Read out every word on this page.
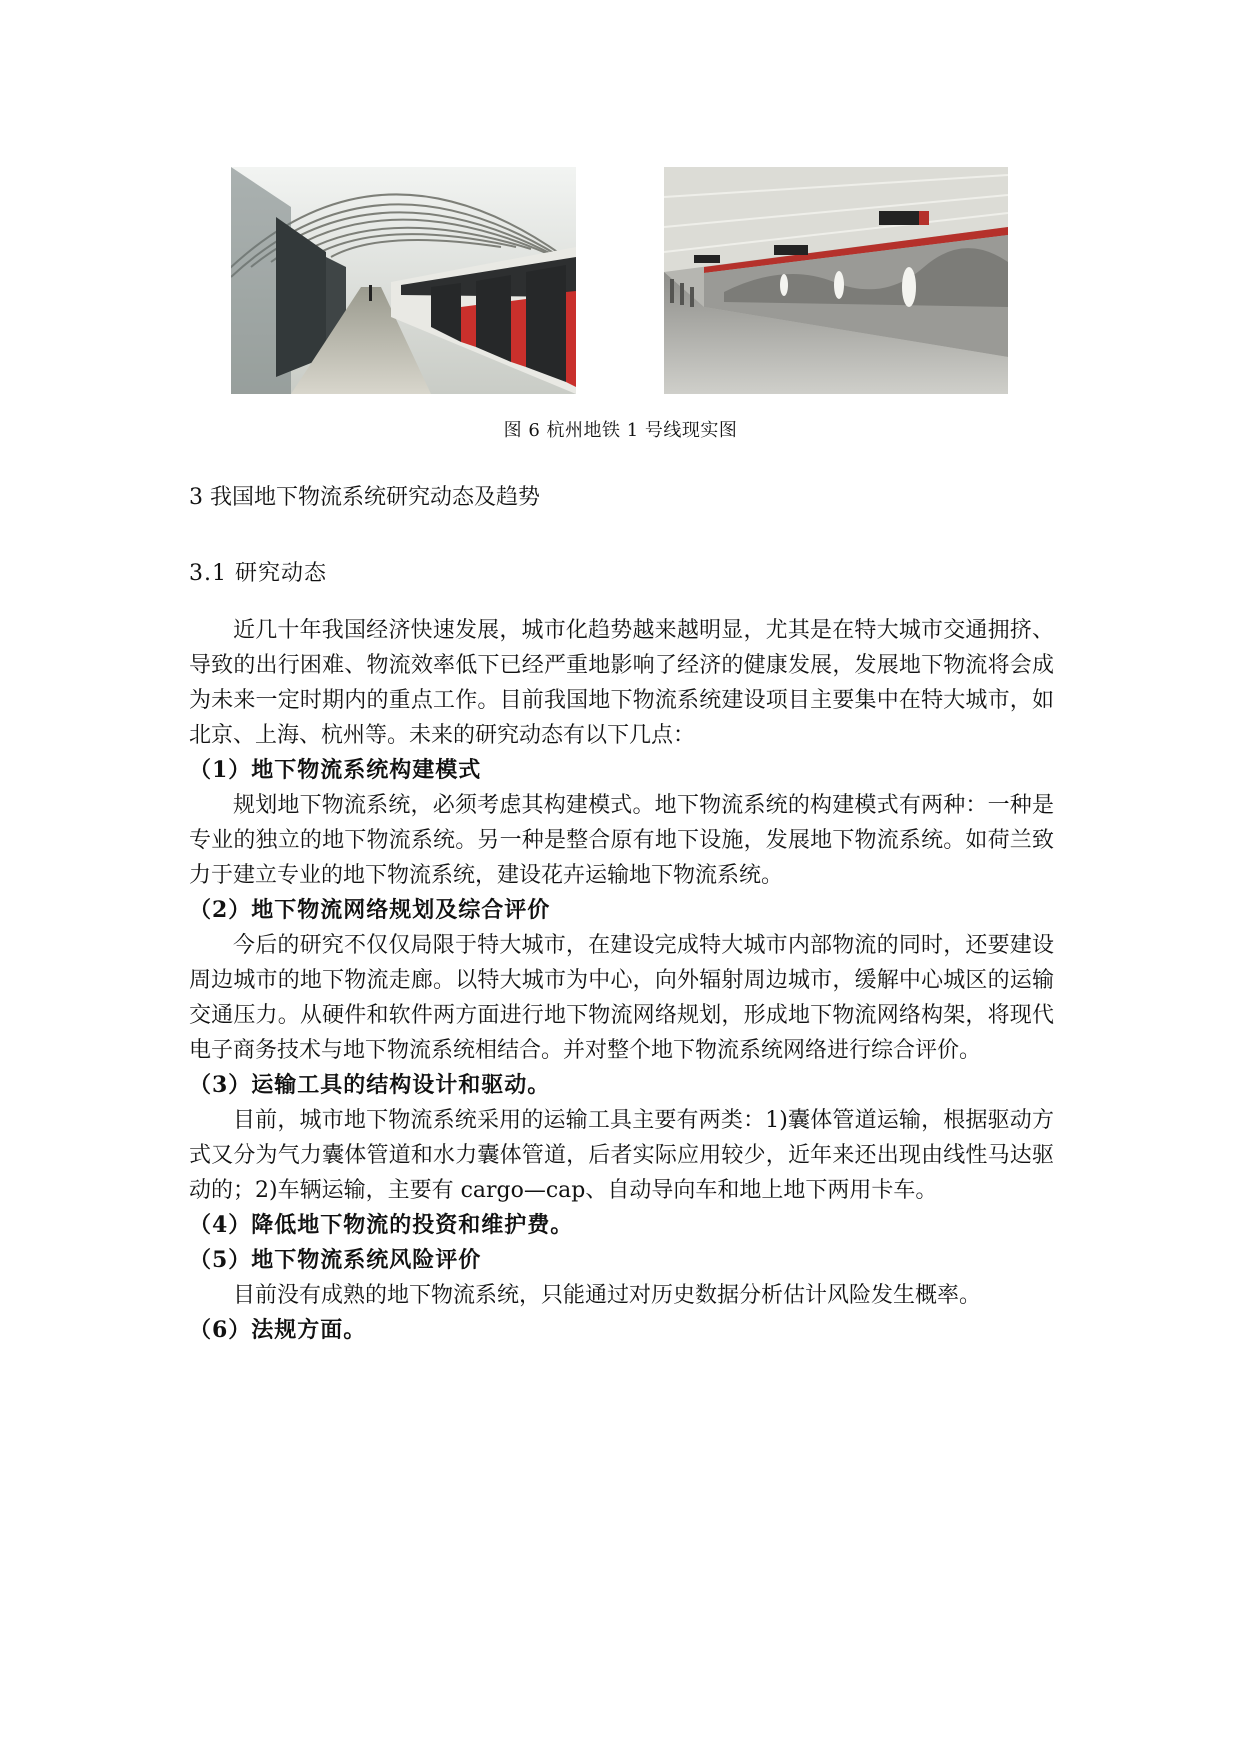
图 6 杭州地铁 1 号线现实图
3 我国地下物流系统研究动态及趋势
3.1 研究动态

近几十年我国经济快速发展，城市化趋势越来越明显，尤其是在特大城市交通拥挤、导致的出行困难、物流效率低下已经严重地影响了经济的健康发展，发展地下物流将会成为未来一定时期内的重点工作。目前我国地下物流系统建设项目主要集中在特大城市，如北京、上海、杭州等。未来的研究动态有以下几点：

（1）地下物流系统构建模式

规划地下物流系统，必须考虑其构建模式。地下物流系统的构建模式有两种：一种是专业的独立的地下物流系统。另一种是整合原有地下设施，发展地下物流系统。如荷兰致力于建立专业的地下物流系统，建设花卉运输地下物流系统。

（2）地下物流网络规划及综合评价

今后的研究不仅仅局限于特大城市，在建设完成特大城市内部物流的同时，还要建设周边城市的地下物流走廊。以特大城市为中心，向外辐射周边城市，缓解中心城区的运输交通压力。从硬件和软件两方面进行地下物流网络规划，形成地下物流网络构架，将现代电子商务技术与地下物流系统相结合。并对整个地下物流系统网络进行综合评价。

（3）运输工具的结构设计和驱动。

目前，城市地下物流系统采用的运输工具主要有两类：1)囊体管道运输，根据驱动方式又分为气力囊体管道和水力囊体管道，后者实际应用较少，近年来还出现由线性马达驱动的；2)车辆运输，主要有 cargo—cap、自动导向车和地上地下两用卡车。

（4）降低地下物流的投资和维护费。

（5）地下物流系统风险评价

目前没有成熟的地下物流系统，只能通过对历史数据分析估计风险发生概率。

（6）法规方面。
